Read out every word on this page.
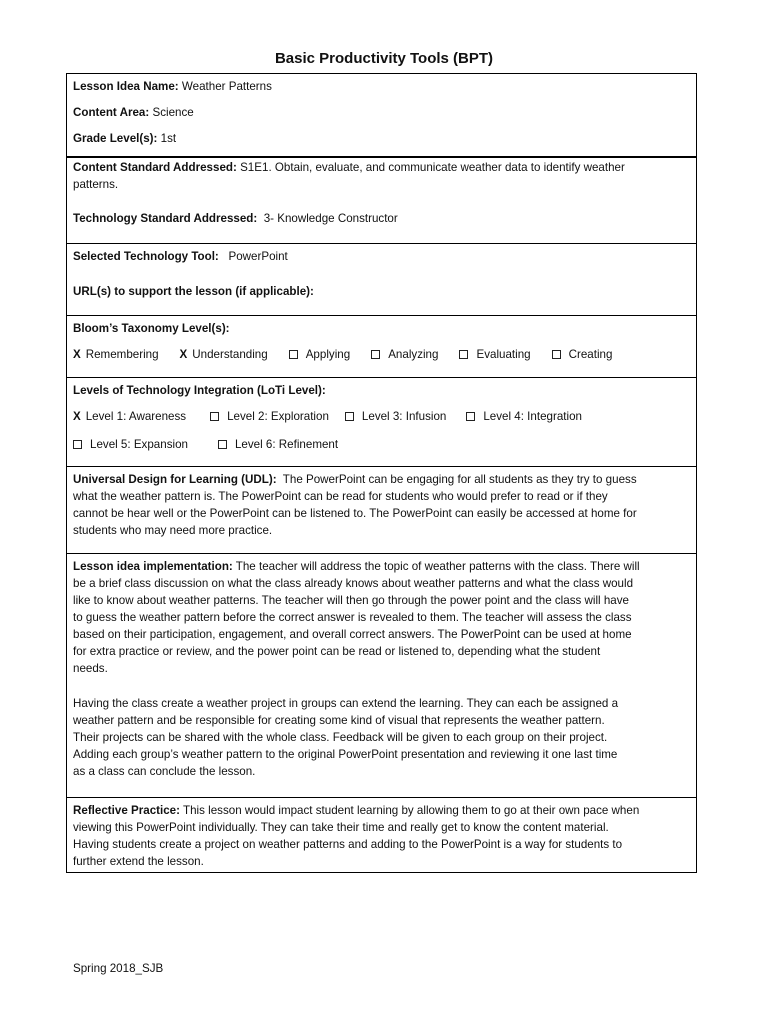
Basic Productivity Tools (BPT)
Lesson Idea Name: Weather Patterns
Content Area: Science
Grade Level(s): 1st
Content Standard Addressed: S1E1. Obtain, evaluate, and communicate weather data to identify weather
patterns.
Technology Standard Addressed: 3- Knowledge Constructor
Selected Technology Tool: PowerPoint
URL(s) to support the lesson (if applicable):
Bloom’s Taxonomy Level(s):
X Remembering X Understanding	Applying	Analyzing	Evaluating	Creating
Levels of Technology Integration (LoTi Level):
X Level 1: Awareness	Level 2: Exploration	Level 3: Infusion	Level 4: Integration
Level 5: Expansion	Level 6: Refinement
Universal Design for Learning (UDL): The PowerPoint can be engaging for all students as they try to guess
what the weather pattern is. The PowerPoint can be read for students who would prefer to read or if they
cannot be hear well or the PowerPoint can be listened to. The PowerPoint can easily be accessed at home for
students who may need more practice.
Lesson idea implementation: The teacher will address the topic of weather patterns with the class. There will
be a brief class discussion on what the class already knows about weather patterns and what the class would
like to know about weather patterns. The teacher will then go through the power point and the class will have
to guess the weather pattern before the correct answer is revealed to them. The teacher will assess the class
based on their participation, engagement, and overall correct answers. The PowerPoint can be used at home
for extra practice or review, and the power point can be read or listened to, depending what the student
needs.
Having the class create a weather project in groups can extend the learning. They can each be assigned a
weather pattern and be responsible for creating some kind of visual that represents the weather pattern.
Their projects can be shared with the whole class. Feedback will be given to each group on their project.
Adding each group’s weather pattern to the original PowerPoint presentation and reviewing it one last time
as a class can conclude the lesson.
Reflective Practice: This lesson would impact student learning by allowing them to go at their own pace when
viewing this PowerPoint individually. They can take their time and really get to know the content material.
Having students create a project on weather patterns and adding to the PowerPoint is a way for students to
further extend the lesson.
Spring 2018_SJB
